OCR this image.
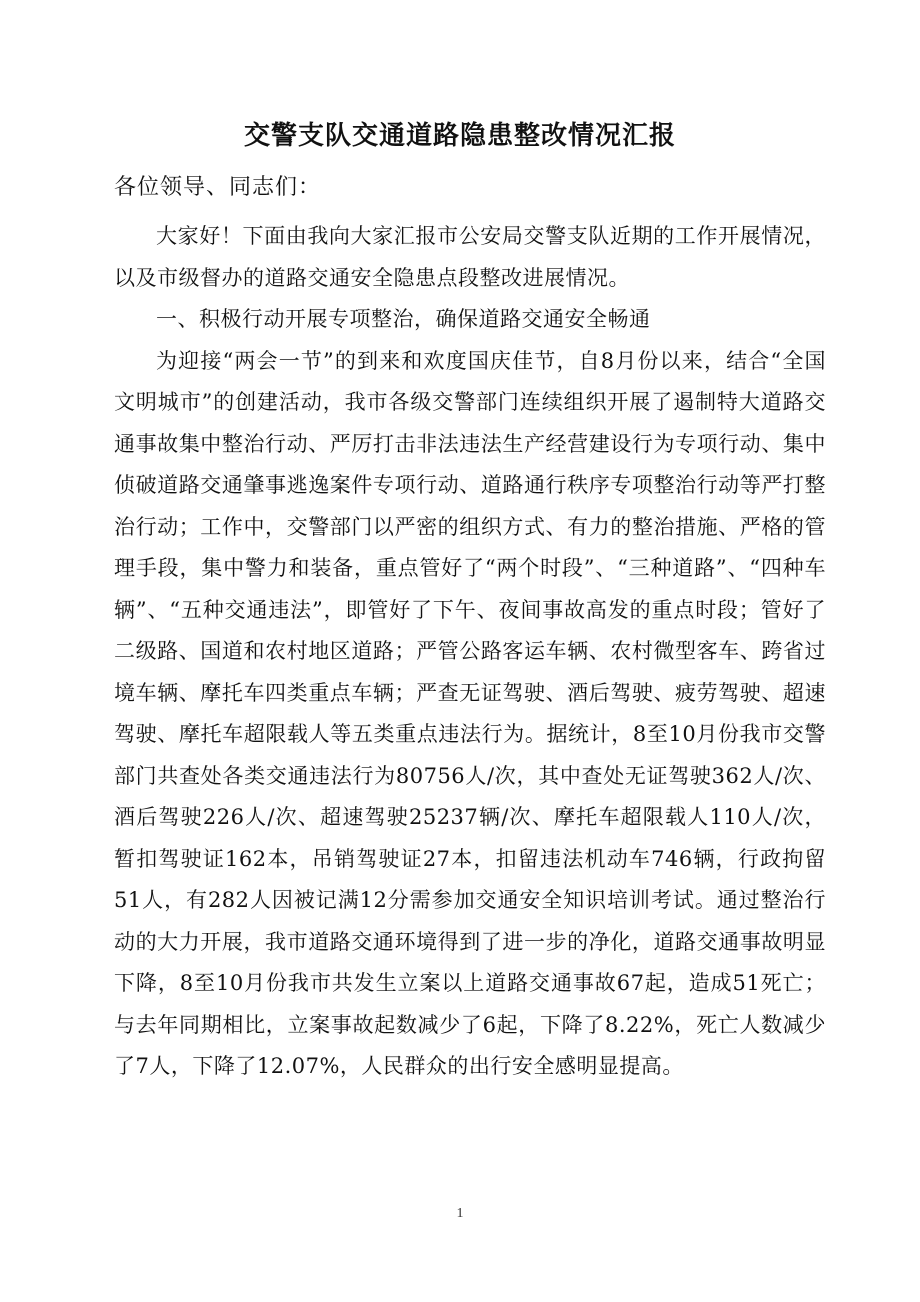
交警支队交通道路隐患整改情况汇报
各位领导、同志们：

大家好！下面由我向大家汇报市公安局交警支队近期的工作开展情况，以及市级督办的道路交通安全隐患点段整改进展情况。

一、积极行动开展专项整治，确保道路交通安全畅通

为迎接“两会一节”的到来和欢度国庆佳节，自8月份以来，结合“全国文明城市”的创建活动，我市各级交警部门连续组织开展了遏制特大道路交通事故集中整治行动、严厉打击非法违法生产经营建设行为专项行动、集中侦破道路交通肇事逃逸案件专项行动、道路通行秩序专项整治行动等严打整治行动；工作中，交警部门以严密的组织方式、有力的整治措施、严格的管理手段，集中警力和装备，重点管好了“两个时段”、“三种道路”、“四种车辆”、“五种交通违法”，即管好了下午、夜间事故高发的重点时段；管好了二级路、国道和农村地区道路；严管公路客运车辆、农村微型客车、跨省过境车辆、摩托车四类重点车辆；严查无证驾驶、酒后驾驶、疲劳驾驶、超速驾驶、摩托车超限载人等五类重点违法行为。据统计，8至10月份我市交警部门共查处各类交通违法行为80756人/次，其中查处无证驾驶362人/次、酒后驾驶226人/次、超速驾驶25237辆/次、摩托车超限载人110人/次，暂扣驾驶证162本，吊销驾驶证27本，扣留违法机动车746辆，行政拘留51人，有282人因被记满12分需参加交通安全知识培训考试。通过整治行动的大力开展，我市道路交通环境得到了进一步的净化，道路交通事故明显下降，8至10月份我市共发生立案以上道路交通事故67起，造成51死亡；与去年同期相比，立案事故起数减少了6起，下降了8.22%，死亡人数减少了7人，下降了12.07%，人民群众的出行安全感明显提高。

1
